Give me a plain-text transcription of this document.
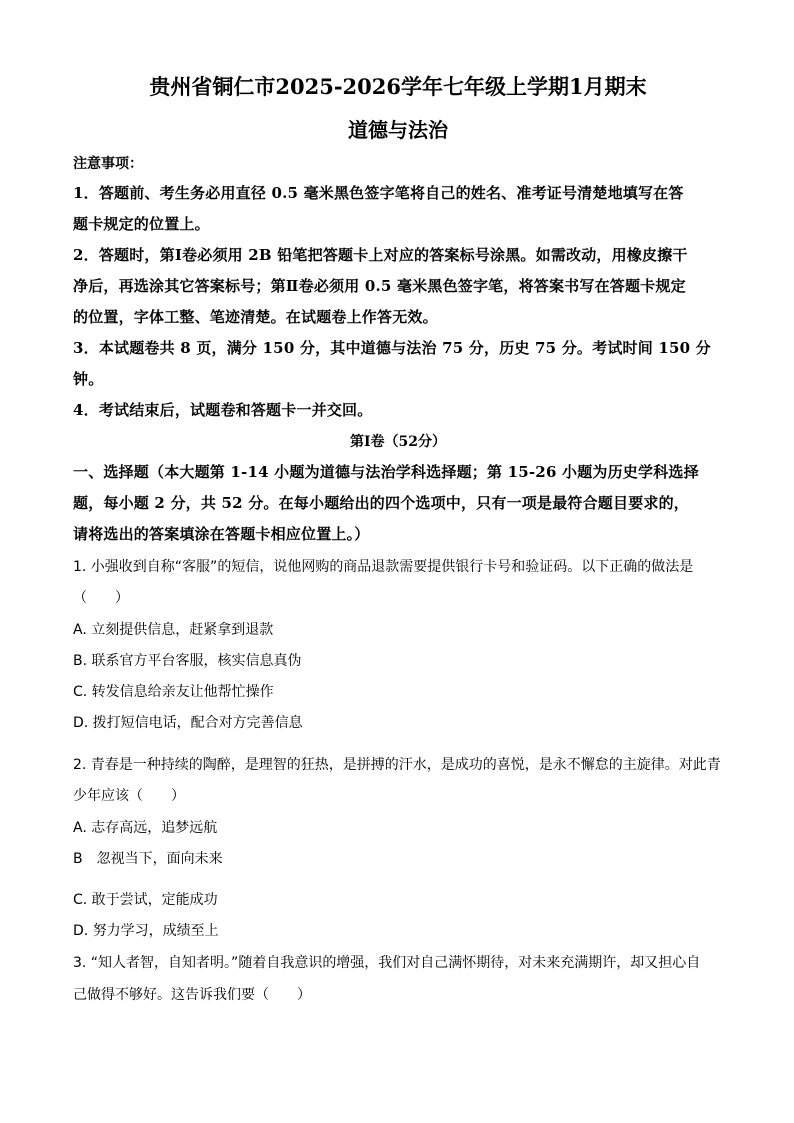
贵州省铜仁市2025-2026学年七年级上学期1月期末
道德与法治
注意事项：
1．答题前、考生务必用直径 0.5 毫米黑色签字笔将自己的姓名、准考证号清楚地填写在答
题卡规定的位置上。
2．答题时，第Ⅰ卷必须用 2B 铅笔把答题卡上对应的答案标号涂黑。如需改动，用橡皮擦干
净后，再选涂其它答案标号；第Ⅱ卷必须用 0.5 毫米黑色签字笔，将答案书写在答题卡规定
的位置，字体工整、笔迹清楚。在试题卷上作答无效。
3．本试题卷共 8 页，满分 150 分，其中道德与法治 75 分，历史 75 分。考试时间 150 分
钟。
4．考试结束后，试题卷和答题卡一并交回。
第Ⅰ卷（52分）
一、选择题（本大题第 1-14 小题为道德与法治学科选择题；第 15-26 小题为历史学科选择
题，每小题 2 分，共 52 分。在每小题给出的四个选项中，只有一项是最符合题目要求的，
请将选出的答案填涂在答题卡相应位置上。）
1. 小强收到自称“客服”的短信，说他网购的商品退款需要提供银行卡号和验证码。以下正确的做法是
（　　）
A. 立刻提供信息，赶紧拿到退款
B. 联系官方平台客服，核实信息真伪
C. 转发信息给亲友让他帮忙操作
D. 拨打短信电话，配合对方完善信息
2. 青春是一种持续的陶醉，是理智的狂热，是拼搏的汗水，是成功的喜悦，是永不懈怠的主旋律。对此青
少年应该（　　）
A. 志存高远，追梦远航
B　忽视当下，面向未来
C. 敢于尝试，定能成功
D. 努力学习，成绩至上
3. “知人者智，自知者明。”随着自我意识的增强，我们对自己满怀期待，对未来充满期许，却又担心自
己做得不够好。这告诉我们要（　　）
